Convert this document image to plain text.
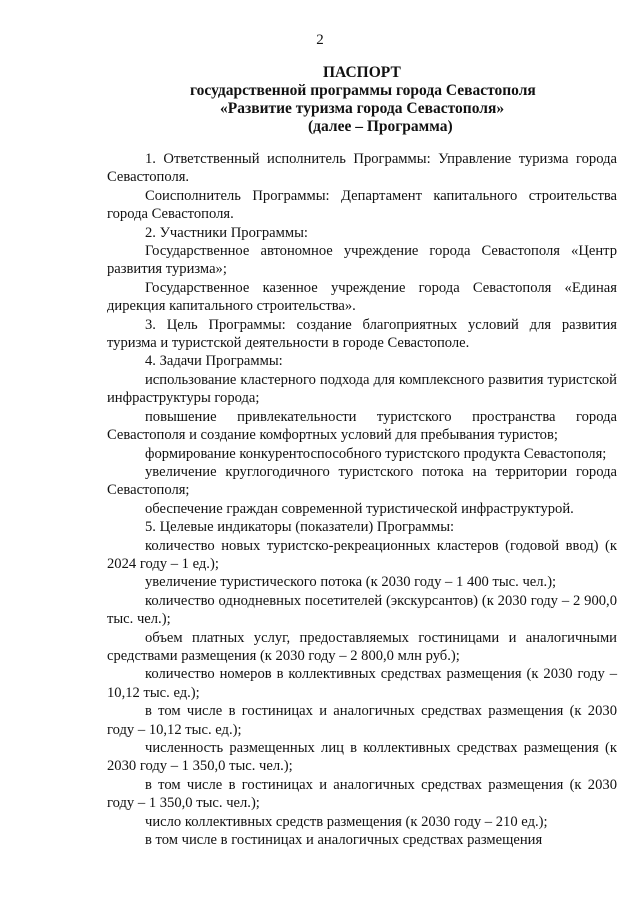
2
ПАСПОРТ
государственной программы города Севастополя
«Развитие туризма города Севастополя»
(далее – Программа)

1. Ответственный исполнитель Программы: Управление туризма города Севастополя.

Соисполнитель Программы: Департамент капитального строительства города Севастополя.

2. Участники Программы:

Государственное автономное учреждение города Севастополя «Центр развития туризма»;

Государственное казенное учреждение города Севастополя «Единая дирекция капитального строительства».

3. Цель Программы: создание благоприятных условий для развития туризма и туристской деятельности в городе Севастополе.

4. Задачи Программы:

использование кластерного подхода для комплексного развития туристской инфраструктуры города;

повышение привлекательности туристского пространства города Севастополя и создание комфортных условий для пребывания туристов;

формирование конкурентоспособного туристского продукта Севастополя;

увеличение круглогодичного туристского потока на территории города Севастополя;

обеспечение граждан современной туристической инфраструктурой.

5. Целевые индикаторы (показатели) Программы:

количество новых туристско-рекреационных кластеров (годовой ввод) (к 2024 году – 1 ед.);

увеличение туристического потока (к 2030 году – 1 400 тыс. чел.);

количество однодневных посетителей (экскурсантов) (к 2030 году – 2 900,0 тыс. чел.);

объем платных услуг, предоставляемых гостиницами и аналогичными средствами размещения (к 2030 году – 2 800,0 млн руб.);

количество номеров в коллективных средствах размещения (к 2030 году – 10,12 тыс. ед.);

в том числе в гостиницах и аналогичных средствах размещения (к 2030 году – 10,12 тыс. ед.);

численность размещенных лиц в коллективных средствах размещения (к 2030 году – 1 350,0 тыс. чел.);

в том числе в гостиницах и аналогичных средствах размещения (к 2030 году – 1 350,0 тыс. чел.);

число коллективных средств размещения (к 2030 году – 210 ед.);

в том числе в гостиницах и аналогичных средствах размещения
